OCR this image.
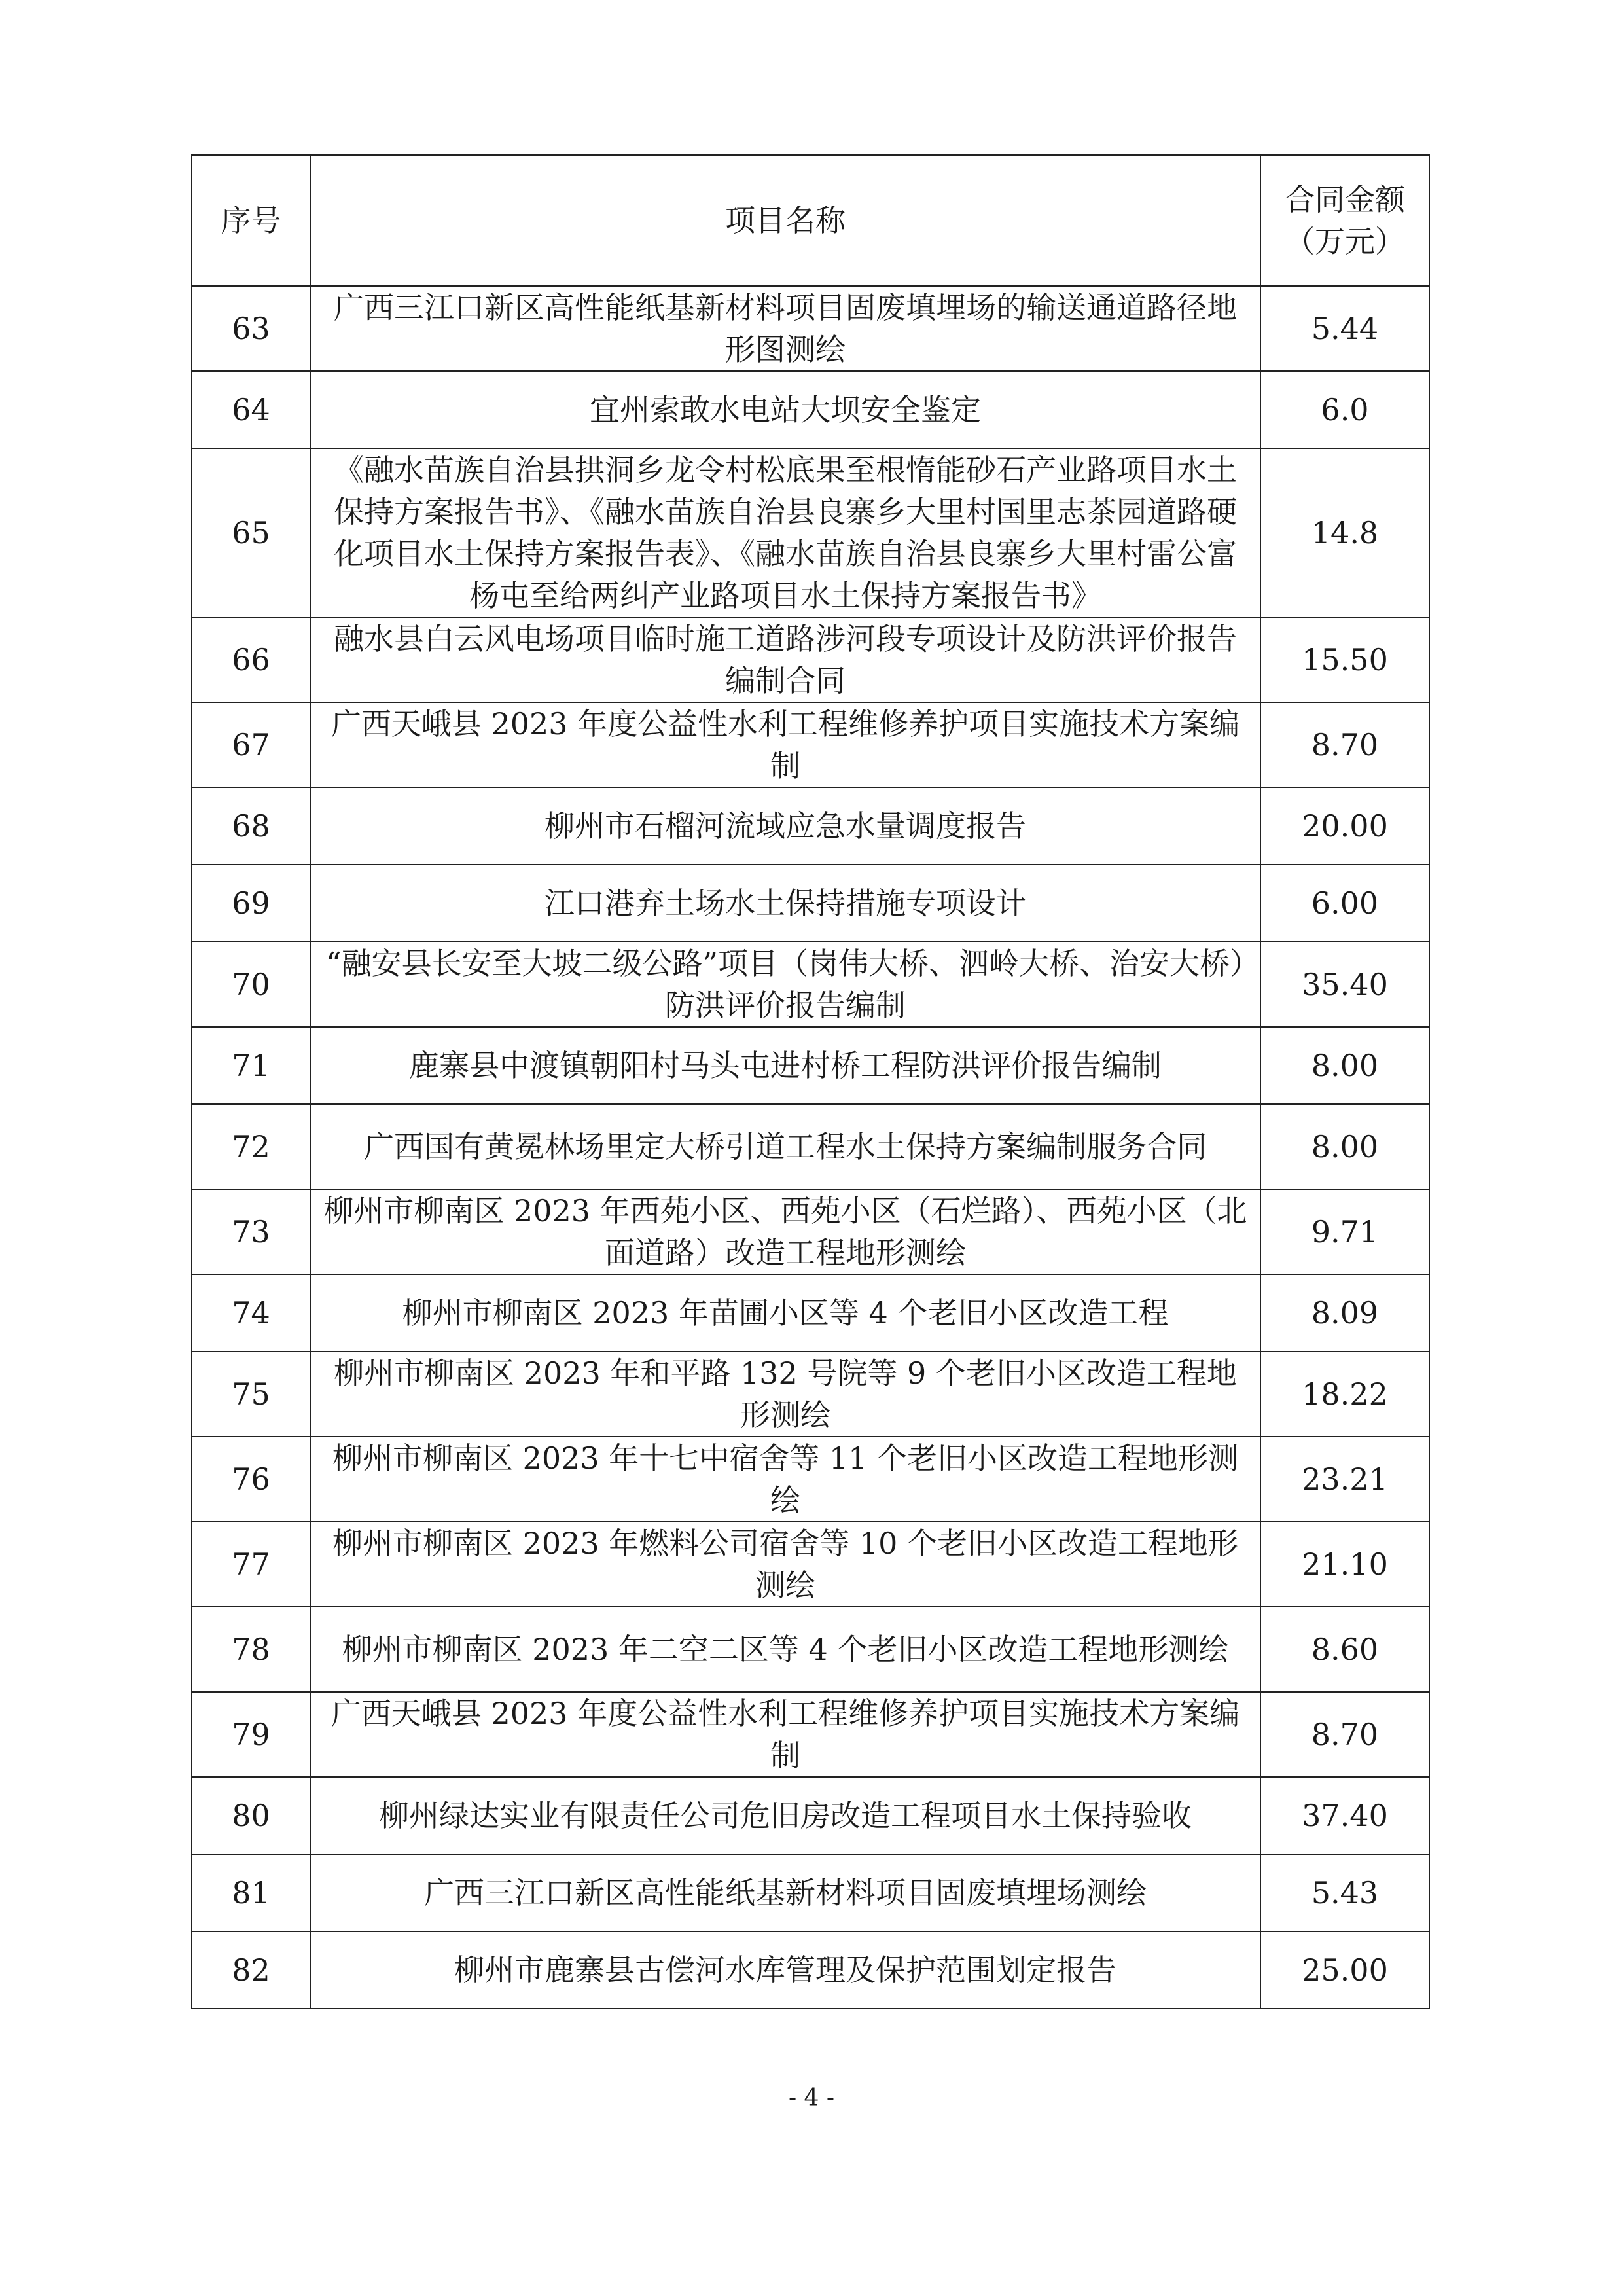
序号	项目名称	合同金额
（万元）

63	广西三江口新区高性能纸基新材料项目固废填埋场的输送通道路径地形图测绘	5.44
64	宜州索敢水电站大坝安全鉴定	6.0
65	《融水苗族自治县拱洞乡龙令村松底果至根惰能砂石产业路项目水土保持方案报告书》、《融水苗族自治县良寨乡大里村国里志茶园道路硬化项目水土保持方案报告表》、《融水苗族自治县良寨乡大里村雷公富杨屯至给两纠产业路项目水土保持方案报告书》	14.8
66	融水县白云风电场项目临时施工道路涉河段专项设计及防洪评价报告编制合同	15.50
67	广西天峨县 2023 年度公益性水利工程维修养护项目实施技术方案编制	8.70
68	柳州市石榴河流域应急水量调度报告	20.00
69	江口港弃土场水土保持措施专项设计	6.00
70	“融安县长安至大坡二级公路”项目（岗伟大桥、泗岭大桥、治安大桥）防洪评价报告编制	35.40
71	鹿寨县中渡镇朝阳村马头屯进村桥工程防洪评价报告编制	8.00
72	广西国有黄冕林场里定大桥引道工程水土保持方案编制服务合同	8.00
73	柳州市柳南区 2023 年西苑小区、西苑小区（石烂路）、西苑小区（北面道路）改造工程地形测绘	9.71
74	柳州市柳南区 2023 年苗圃小区等 4 个老旧小区改造工程	8.09
75	柳州市柳南区 2023 年和平路 132 号院等 9 个老旧小区改造工程地形测绘	18.22
76	柳州市柳南区 2023 年十七中宿舍等 11 个老旧小区改造工程地形测绘	23.21
77	柳州市柳南区 2023 年燃料公司宿舍等 10 个老旧小区改造工程地形测绘	21.10
78	柳州市柳南区 2023 年二空二区等 4 个老旧小区改造工程地形测绘	8.60
79	广西天峨县 2023 年度公益性水利工程维修养护项目实施技术方案编制	8.70
80	柳州绿达实业有限责任公司危旧房改造工程项目水土保持验收	37.40
81	广西三江口新区高性能纸基新材料项目固废填埋场测绘	5.43
82	柳州市鹿寨县古偿河水库管理及保护范围划定报告	25.00
- 4 -
